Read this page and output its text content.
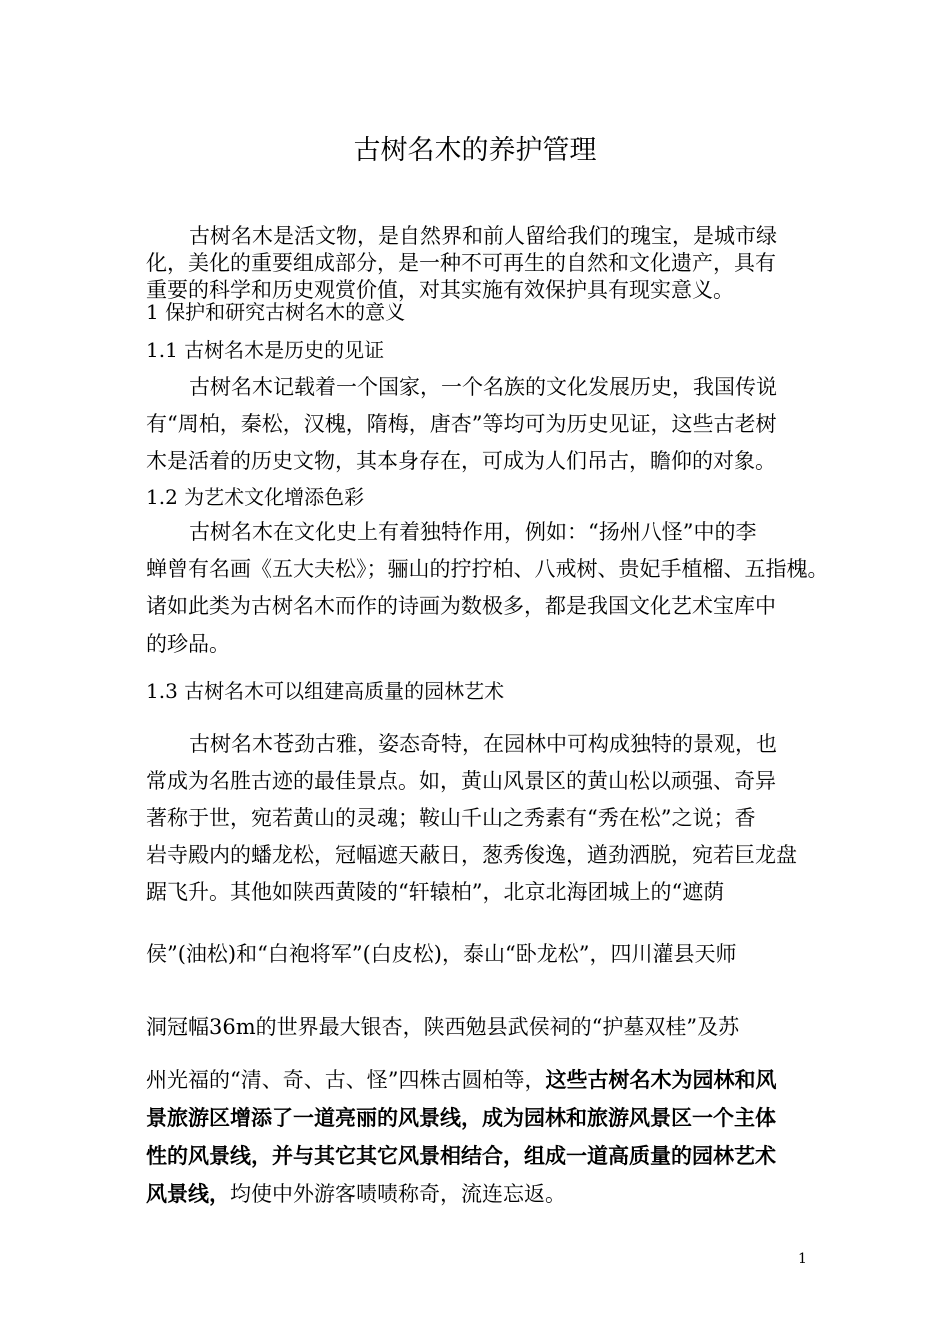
古树名木的养护管理
古树名木是活文物，是自然界和前人留给我们的瑰宝，是城市绿
化，美化的重要组成部分，是一种不可再生的自然和文化遗产，具有
重要的科学和历史观赏价值，对其实施有效保护具有现实意义。
1 保护和研究古树名木的意义
1.1 古树名木是历史的见证
古树名木记载着一个国家，一个名族的文化发展历史，我国传说
有“周柏，秦松，汉槐，隋梅，唐杏”等均可为历史见证，这些古老树
木是活着的历史文物，其本身存在，可成为人们吊古，瞻仰的对象。
1.2 为艺术文化增添色彩
古树名木在文化史上有着独特作用，例如：“扬州八怪”中的李
蝉曾有名画《五大夫松》；骊山的拧拧柏、八戒树、贵妃手植榴、五指槐。
诸如此类为古树名木而作的诗画为数极多，都是我国文化艺术宝库中
的珍品。
1.3 古树名木可以组建高质量的园林艺术
古树名木苍劲古雅，姿态奇特，在园林中可构成独特的景观，也
常成为名胜古迹的最佳景点。如，黄山风景区的黄山松以顽强、奇异
著称于世，宛若黄山的灵魂；鞍山千山之秀素有“秀在松”之说；香
岩寺殿内的蟠龙松，冠幅遮天蔽日，葱秀俊逸，遒劲洒脱，宛若巨龙盘
踞飞升。其他如陕西黄陵的“轩辕柏”，北京北海团城上的“遮荫
侯”(油松)和“白袍将军”(白皮松)，泰山“卧龙松”，四川灌县天师
洞冠幅36m的世界最大银杏，陕西勉县武侯祠的“护墓双桂”及苏
州光福的“清、奇、古、怪”四株古圆柏等，这些古树名木为园林和风
景旅游区增添了一道亮丽的风景线，成为园林和旅游风景区一个主体
性的风景线，并与其它其它风景相结合，组成一道高质量的园林艺术
风景线，均使中外游客啧啧称奇，流连忘返。
1
